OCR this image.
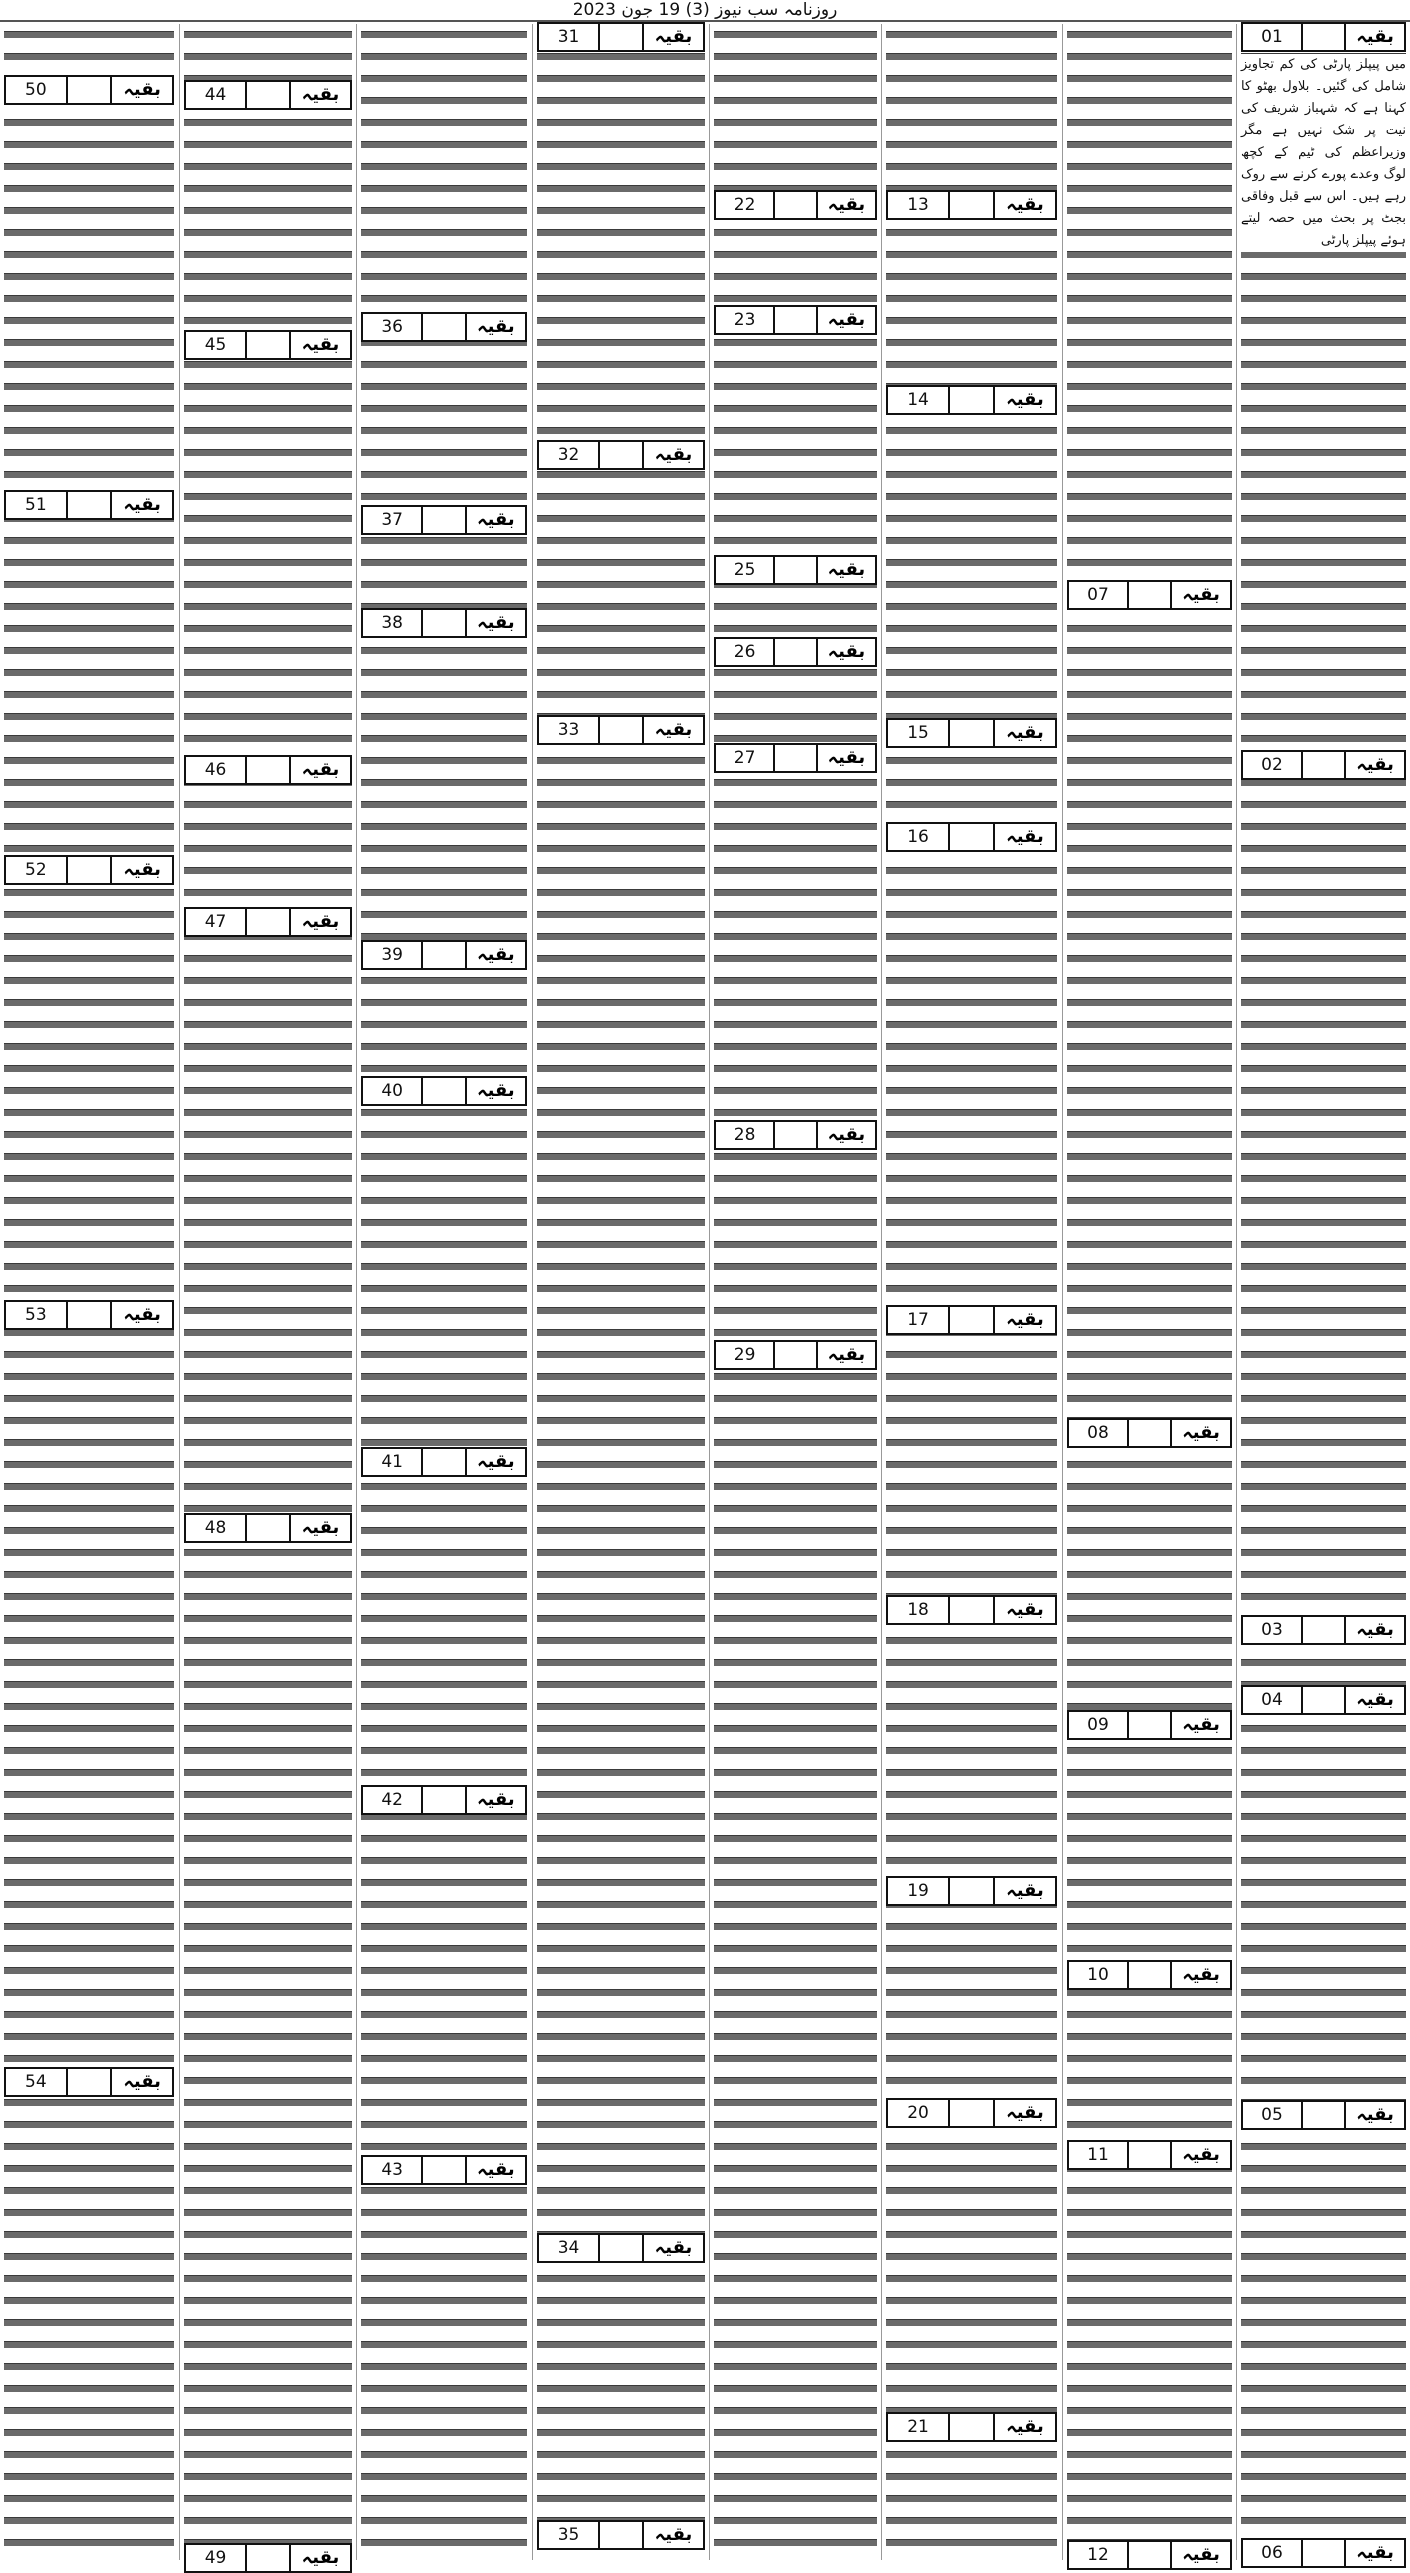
روزنامہ سب نیوز (3) 19 جون 2023
50	بقیہ
51	بقیہ
52	بقیہ
53	بقیہ
54	بقیہ
44	بقیہ
45	بقیہ
46	بقیہ
47	بقیہ
48	بقیہ
49	بقیہ
36	بقیہ
37	بقیہ
38	بقیہ
39	بقیہ
40	بقیہ
41	بقیہ
42	بقیہ
43	بقیہ
31	بقیہ
32	بقیہ
33	بقیہ
34	بقیہ
35	بقیہ
22	بقیہ
23	بقیہ
25	بقیہ
26	بقیہ
27	بقیہ
28	بقیہ
29	بقیہ
13	بقیہ
14	بقیہ
15	بقیہ
16	بقیہ
17	بقیہ
18	بقیہ
19	بقیہ
20	بقیہ
21	بقیہ
10	بقیہ
11	بقیہ
12	بقیہ
07	بقیہ
08	بقیہ
09	بقیہ
01	بقیہ
میں پیپلز پارٹی کی کم تجاویز شامل کی گئیں۔ بلاول بھٹو کا کہنا ہے کہ شہباز شریف کی نیت پر شک نہیں ہے مگر وزیراعظم کی ٹیم کے کچھ لوگ وعدے پورے کرنے سے روک رہے ہیں۔ اس سے قبل وفاقی بجٹ پر بحث میں حصہ لیتے ہوئے پیپلز پارٹی
02	بقیہ
03	بقیہ
04	بقیہ
05	بقیہ
06	بقیہ
